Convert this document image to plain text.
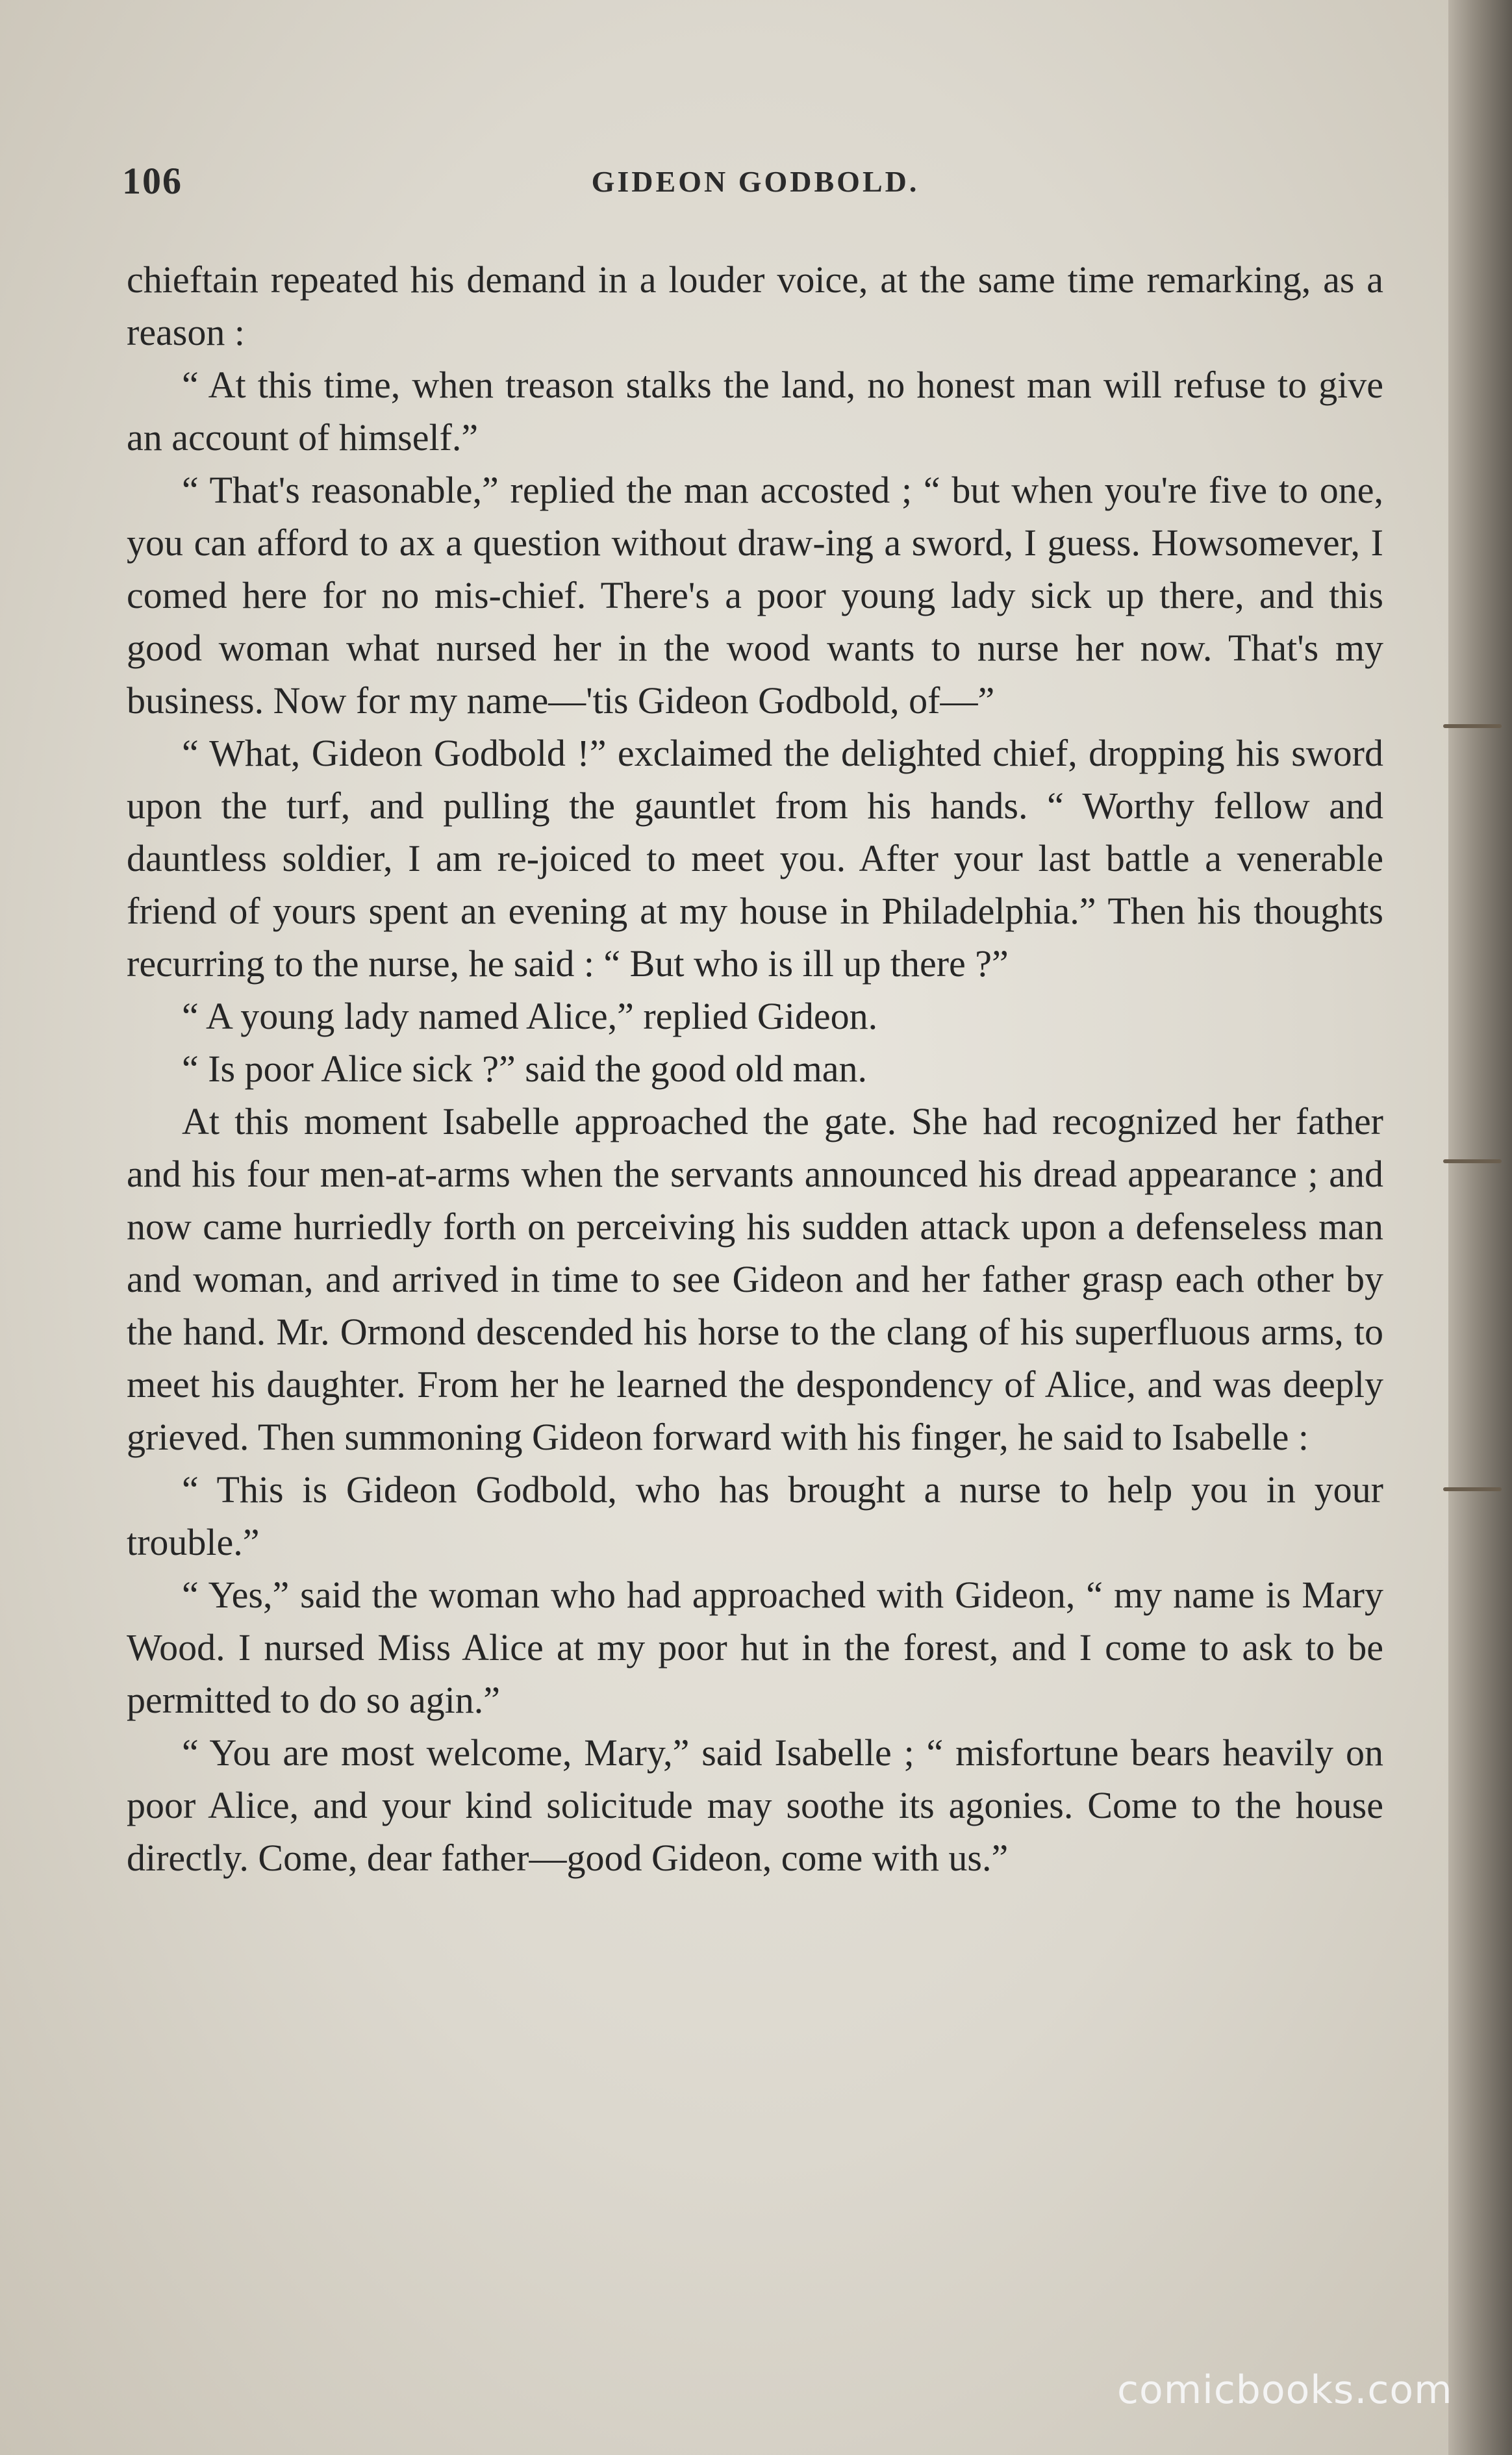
106	GIDEON GODBOLD.

chieftain repeated his demand in a louder voice, at the same time remarking, as a reason :

“ At this time, when treason stalks the land, no honest man will refuse to give an account of himself.”

“ That's reasonable,” replied the man accosted ; “ but when you're five to one, you can afford to ax a question without draw-ing a sword, I guess. Howsomever, I comed here for no mis-chief. There's a poor young lady sick up there, and this good woman what nursed her in the wood wants to nurse her now. That's my business. Now for my name—'tis Gideon Godbold, of—”

“ What, Gideon Godbold !” exclaimed the delighted chief, dropping his sword upon the turf, and pulling the gauntlet from his hands. “ Worthy fellow and dauntless soldier, I am re-joiced to meet you. After your last battle a venerable friend of yours spent an evening at my house in Philadelphia.” Then his thoughts recurring to the nurse, he said : “ But who is ill up there ?”

“ A young lady named Alice,” replied Gideon.

“ Is poor Alice sick ?” said the good old man.

At this moment Isabelle approached the gate. She had recognized her father and his four men-at-arms when the servants announced his dread appearance ; and now came hurriedly forth on perceiving his sudden attack upon a defenseless man and woman, and arrived in time to see Gideon and her father grasp each other by the hand. Mr. Ormond descended his horse to the clang of his superfluous arms, to meet his daughter. From her he learned the despondency of Alice, and was deeply grieved. Then summoning Gideon forward with his finger, he said to Isabelle :

“ This is Gideon Godbold, who has brought a nurse to help you in your trouble.”

“ Yes,” said the woman who had approached with Gideon, “ my name is Mary Wood. I nursed Miss Alice at my poor hut in the forest, and I come to ask to be permitted to do so agin.”

“ You are most welcome, Mary,” said Isabelle ; “ misfortune bears heavily on poor Alice, and your kind solicitude may soothe its agonies. Come to the house directly. Come, dear father—good Gideon, come with us.”

comicbooks.com
